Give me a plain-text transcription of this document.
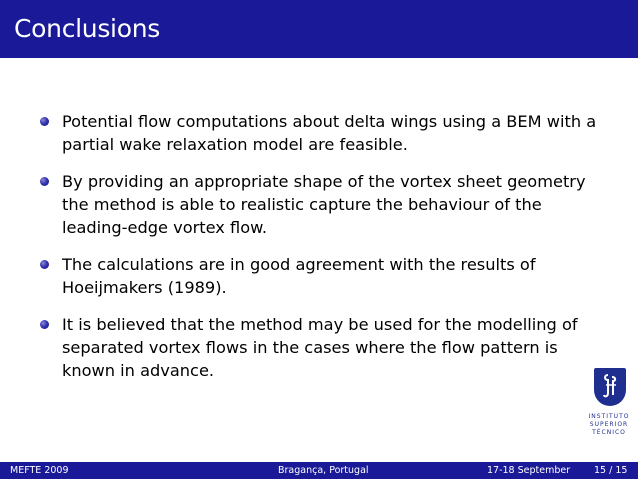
Conclusions
Potential flow computations about delta wings using a BEM with a partial wake relaxation model are feasible.
By providing an appropriate shape of the vortex sheet geometry the method is able to realistic capture the behaviour of the leading-edge vortex flow.
The calculations are in good agreement with the results of Hoeijmakers (1989).
It is believed that the method may be used for the modelling of separated vortex flows in the cases where the flow pattern is known in advance.
INSTITUTO
SUPERIOR
TÉCNICO
MEFTE 2009	Bragança, Portugal	17-18 September	15 / 15
